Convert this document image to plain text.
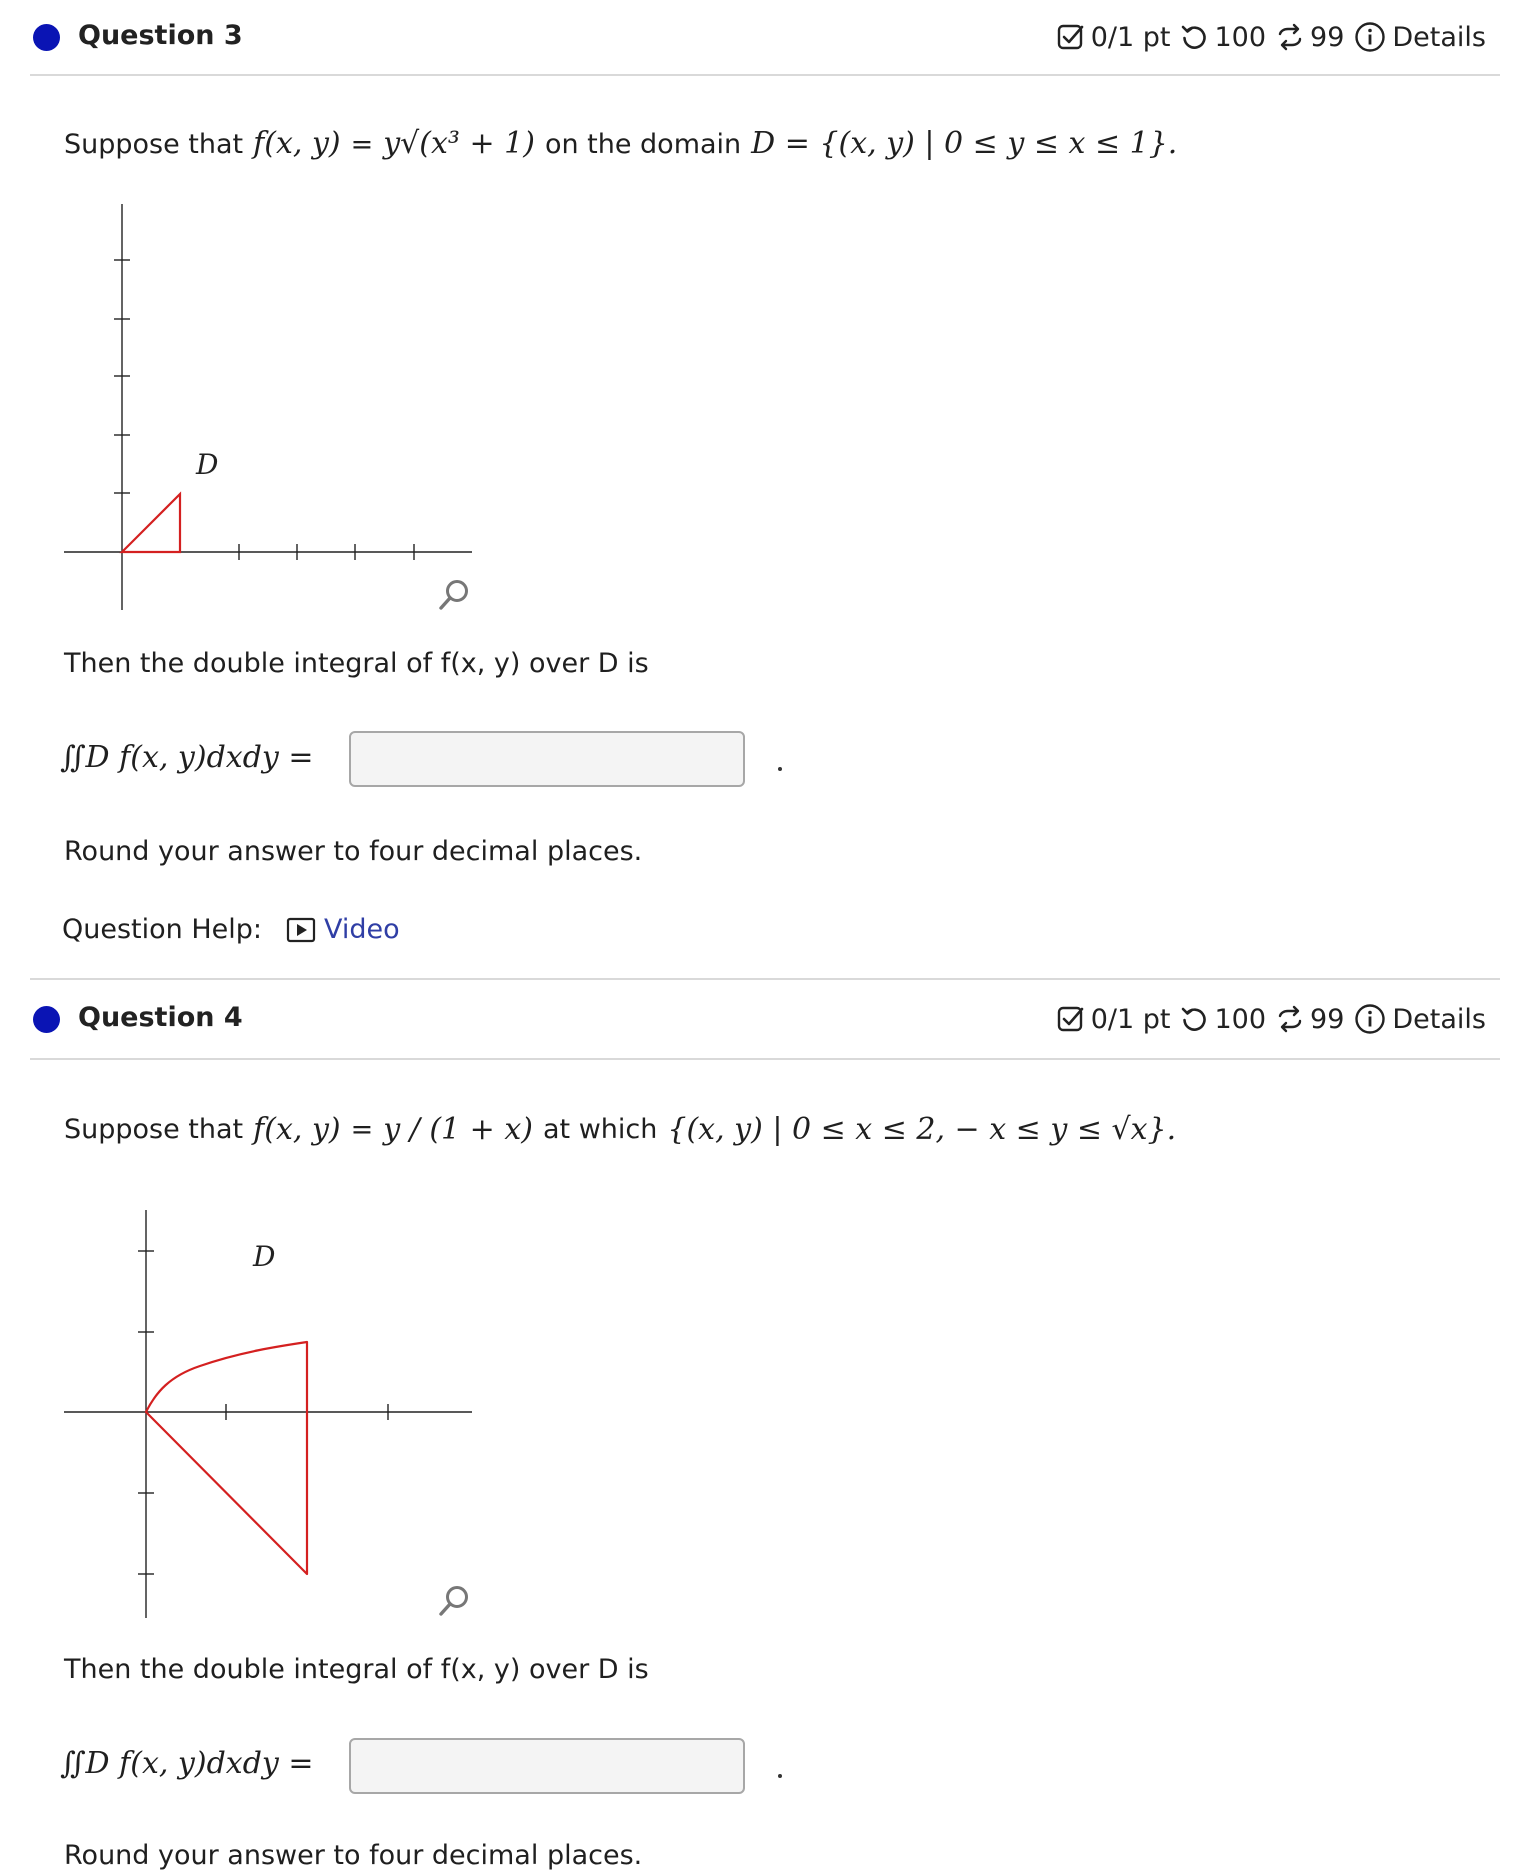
Question 3	0/1 pt 100 99 Details
Suppose that f(x, y) = y√(x³ + 1) on the domain D = {(x, y) | 0 ≤ y ≤ x ≤ 1}.
D
Then the double integral of f(x, y) over D is
∬D f(x, y)dxdy =
Round your answer to four decimal places.
Question Help: Video
Question 4	0/1 pt 100 99 Details
Suppose that f(x, y) = y / (1 + x) at which {(x, y) | 0 ≤ x ≤ 2, − x ≤ y ≤ √x}.
D
Then the double integral of f(x, y) over D is
∬D f(x, y)dxdy =
Round your answer to four decimal places.
